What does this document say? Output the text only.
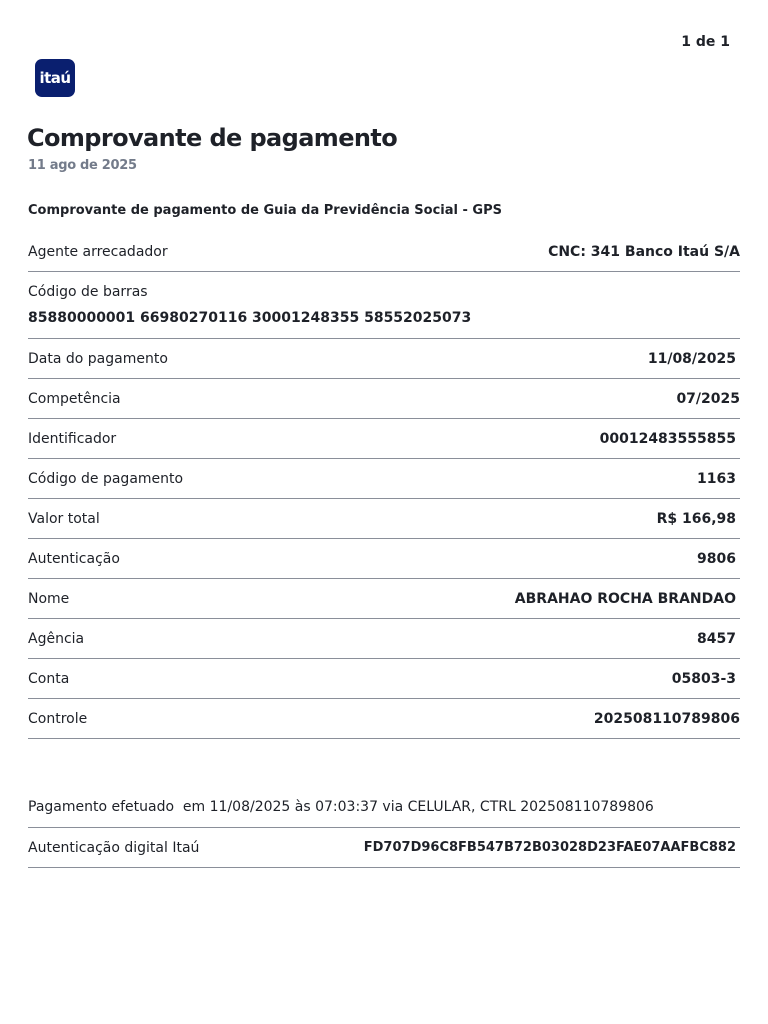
1 de 1
itaú
Comprovante de pagamento
11 ago de 2025
Comprovante de pagamento de Guia da Previdência Social - GPS
Agente arrecadador	CNC: 341 Banco Itaú S/A
Código de barras
85880000001 66980270116 30001248355 58552025073
Data do pagamento	11/08/2025
Competência	07/2025
Identificador	00012483555855
Código de pagamento	1163
Valor total	R$ 166,98
Autenticação	9806
Nome	ABRAHAO ROCHA BRANDAO
Agência	8457
Conta	05803-3
Controle	202508110789806
Pagamento efetuado  em 11/08/2025 às 07:03:37 via CELULAR, CTRL 202508110789806
Autenticação digital Itaú	FD707D96C8FB547B72B03028D23FAE07AAFBC882
